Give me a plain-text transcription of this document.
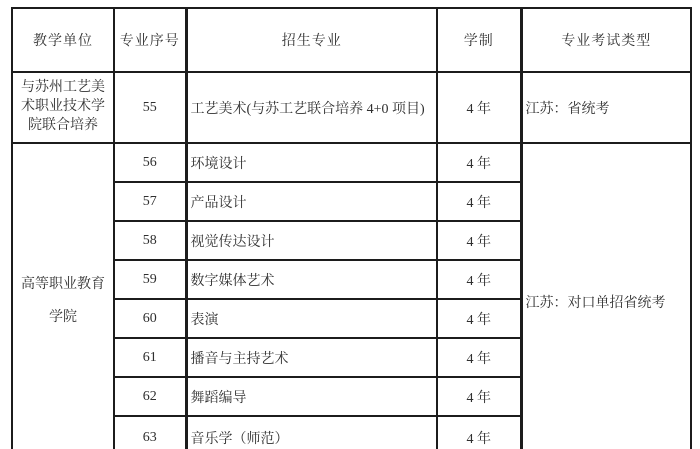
教学单位	专业序号	招生专业	学制	专业考试类型
与苏州工艺美术职业技术学院联合培养	55	工艺美术(与苏工艺联合培养 4+0 项目)	4 年	江苏：省统考
高等职业教育学院	56	环境设计	4 年	江苏：对口单招省统考
	57	产品设计	4 年	
	58	视觉传达设计	4 年	
	59	数字媒体艺术	4 年	
	60	表演	4 年	
	61	播音与主持艺术	4 年	
	62	舞蹈编导	4 年	
	63	音乐学（师范）	4 年	
